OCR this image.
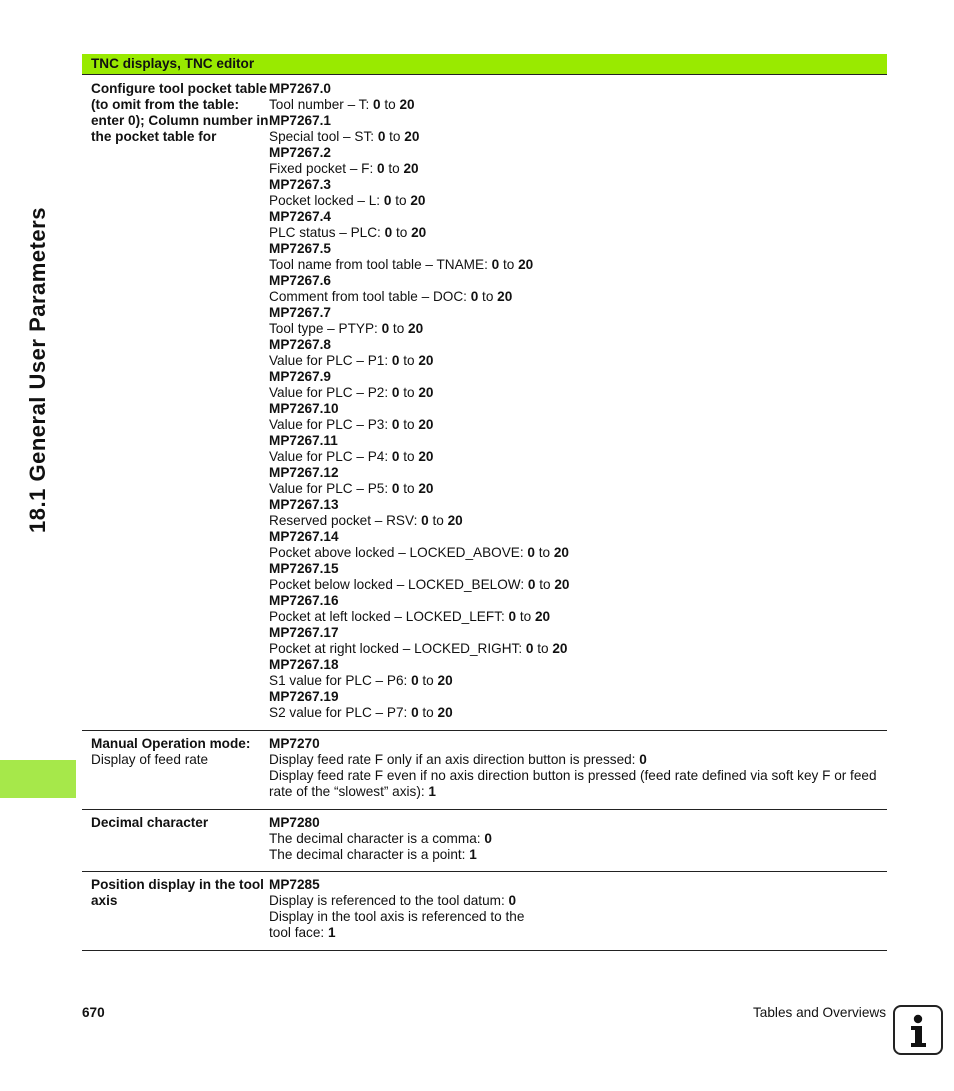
18.1 General User Parameters
TNC displays, TNC editor
Configure tool pocket table (to omit from the table: enter 0); Column number in the pocket table for
MP7267.0
Tool number – T: 0 to 20
MP7267.1
Special tool – ST: 0 to 20
MP7267.2
Fixed pocket – F: 0 to 20
MP7267.3
Pocket locked – L: 0 to 20
MP7267.4
PLC status – PLC: 0 to 20
MP7267.5
Tool name from tool table – TNAME: 0 to 20
MP7267.6
Comment from tool table – DOC: 0 to 20
MP7267.7
Tool type – PTYP: 0 to 20
MP7267.8
Value for PLC – P1: 0 to 20
MP7267.9
Value for PLC – P2: 0 to 20
MP7267.10
Value for PLC – P3: 0 to 20
MP7267.11
Value for PLC – P4: 0 to 20
MP7267.12
Value for PLC – P5: 0 to 20
MP7267.13
Reserved pocket – RSV: 0 to 20
MP7267.14
Pocket above locked – LOCKED_ABOVE: 0 to 20
MP7267.15
Pocket below locked – LOCKED_BELOW: 0 to 20
MP7267.16
Pocket at left locked – LOCKED_LEFT: 0 to 20
MP7267.17
Pocket at right locked – LOCKED_RIGHT: 0 to 20
MP7267.18
S1 value for PLC – P6: 0 to 20
MP7267.19
S2 value for PLC – P7: 0 to 20
Manual Operation mode: Display of feed rate
MP7270
Display feed rate F only if an axis direction button is pressed: 0
Display feed rate F even if no axis direction button is pressed (feed rate defined via soft key F or feed rate of the “slowest” axis): 1
Decimal character	MP7280
The decimal character is a comma: 0
The decimal character is a point: 1
Position display in the tool axis
MP7285
Display is referenced to the tool datum: 0
Display in the tool axis is referenced to the
tool face: 1
670	Tables and Overviews
